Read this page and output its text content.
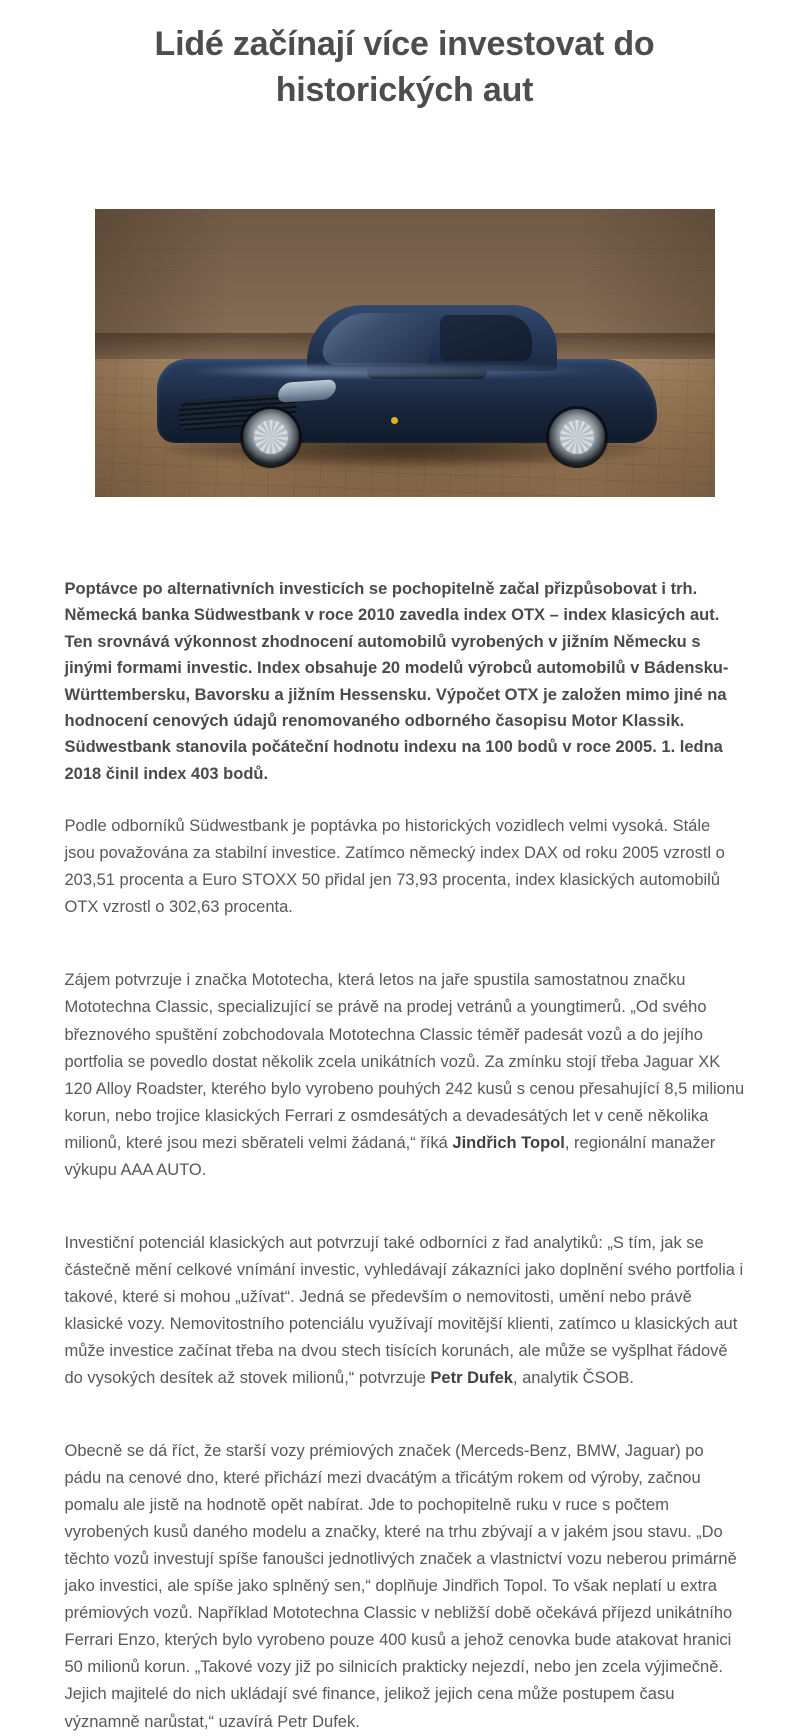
Lidé začínají více investovat do historických aut

Poptávce po alternativních investicích se pochopitelně začal přizpůsobovat i trh. Německá banka Südwestbank v roce 2010 zavedla index OTX – index klasicých aut. Ten srovnává výkonnost zhodnocení automobilů vyrobených v jižním Německu s jinými formami investic. Index obsahuje 20 modelů výrobců automobilů v Bádensku-Württembersku, Bavorsku a jižním Hessensku. Výpočet OTX je založen mimo jiné na hodnocení cenových údajů renomovaného odborného časopisu Motor Klassik. Südwestbank stanovila počáteční hodnotu indexu na 100 bodů v roce 2005. 1. ledna 2018 činil index 403 bodů.

Podle odborníků Südwestbank je poptávka po historických vozidlech velmi vysoká. Stále jsou považována za stabilní investice. Zatímco německý index DAX od roku 2005 vzrostl o 203,51 procenta a Euro STOXX 50 přidal jen 73,93 procenta, index klasických automobilů OTX vzrostl o 302,63 procenta.

Zájem potvrzuje i značka Mototecha, která letos na jaře spustila samostatnou značku Mototechna Classic, specializující se právě na prodej vetránů a youngtimerů. „Od svého březnového spuštění zobchodovala Mototechna Classic téměř padesát vozů a do jejího portfolia se povedlo dostat několik zcela unikátních vozů. Za zmínku stojí třeba Jaguar XK 120 Alloy Roadster, kterého bylo vyrobeno pouhých 242 kusů s cenou přesahující 8,5 milionu korun, nebo trojice klasických Ferrari z osmdesátých a devadesátých let v ceně několika milionů, které jsou mezi sběrateli velmi žádaná,“ říká Jindřich Topol, regionální manažer výkupu AAA AUTO.

Investiční potenciál klasických aut potvrzují také odborníci z řad analytiků: „S tím, jak se částečně mění celkové vnímání investic, vyhledávají zákazníci jako doplnění svého portfolia i takové, které si mohou „užívat“. Jedná se především o nemovitosti, umění nebo právě klasické vozy. Nemovitostního potenciálu využívají movitější klienti, zatímco u klasických aut může investice začínat třeba na dvou stech tisících korunách, ale může se vyšplhat řádově do vysokých desítek až stovek milionů,“ potvrzuje Petr Dufek, analytik ČSOB.

Obecně se dá říct, že starší vozy prémiových značek (Merceds-Benz, BMW, Jaguar) po pádu na cenové dno, které přichází mezi dvacátým a třicátým rokem od výroby, začnou pomalu ale jistě na hodnotě opět nabírat. Jde to pochopitelně ruku v ruce s počtem vyrobených kusů daného modelu a značky, které na trhu zbývají a v jakém jsou stavu. „Do těchto vozů investují spíše fanoušci jednotlivých značek a vlastnictví vozu neberou primárně jako investici, ale spíše jako splněný sen,“ doplňuje Jindřich Topol. To však neplatí u extra prémiových vozů. Například Mototechna Classic v nebližší době očekává příjezd unikátního Ferrari Enzo, kterých bylo vyrobeno pouze 400 kusů a jehož cenovka bude atakovat hranici 50 milionů korun. „Takové vozy již po silnicích prakticky nejezdí, nebo jen zcela výjimečně. Jejich majitelé do nich ukládají své finance, jelikož jejich cena může postupem času významně narůstat,“ uzavírá Petr Dufek.
